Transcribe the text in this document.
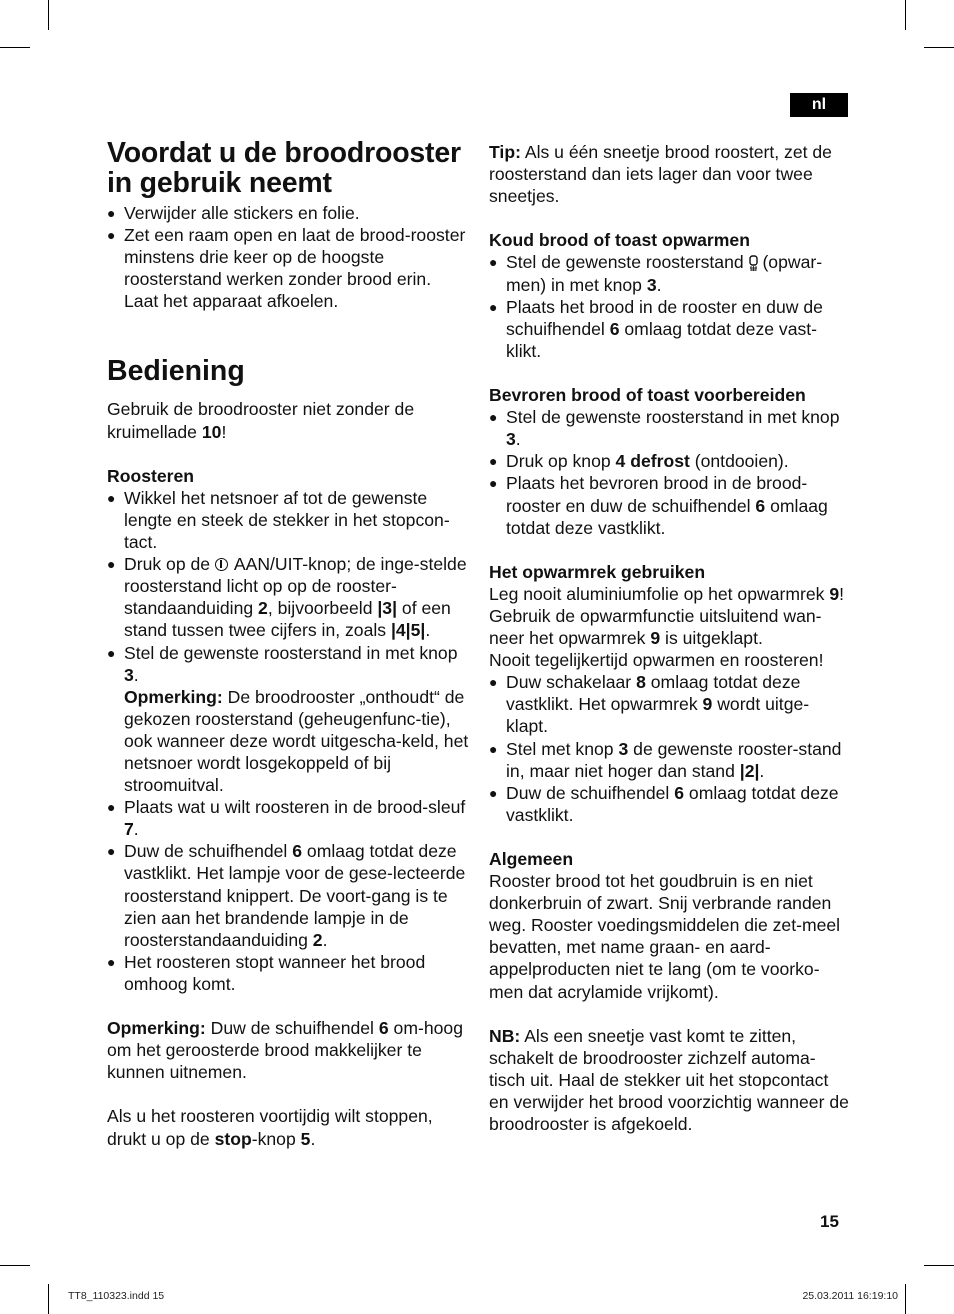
nl
Voordat u de broodrooster in gebruik neemt
● Verwijder alle stickers en folie.
● Zet een raam open en laat de brood-rooster minstens drie keer op de hoogste roosterstand werken zonder brood erin. Laat het apparaat afkoelen.
Bediening

Gebruik de broodrooster niet zonder de kruimellade 10!

Roosteren

● Wikkel het netsnoer af tot de gewenste lengte en steek de stekker in het stopcon-tact.
● Druk op de  AAN/UIT-knop; de inge-stelde roosterstand licht op op de rooster-standaanduiding 2, bijvoorbeeld |3| of een stand tussen twee cijfers in, zoals |4|5|.
● Stel de gewenste roosterstand in met knop 3.
Opmerking: De broodrooster „onthoudt“ de gekozen roosterstand (geheugenfunc-tie), ook wanneer deze wordt uitgescha-keld, het netsnoer wordt losgekoppeld of bij stroomuitval.
● Plaats wat u wilt roosteren in de brood-sleuf 7.
● Duw de schuifhendel 6 omlaag totdat deze vastklikt. Het lampje voor de gese-lecteerde roosterstand knippert. De voort-gang is te zien aan het brandende lampje in de roosterstandaanduiding 2.
● Het roosteren stopt wanneer het brood omhoog komt.

Opmerking: Duw de schuifhendel 6 om-hoog om het geroosterde brood makkelijker te kunnen uitnemen.

Als u het roosteren voortijdig wilt stoppen, drukt u op de stop-knop 5.

Tip: Als u één sneetje brood roostert, zet de roosterstand dan iets lager dan voor twee sneetjes.

Koud brood of toast opwarmen

● Stel de gewenste roosterstand  (opwar-men) in met knop 3.
● Plaats het brood in de rooster en duw de schuifhendel 6 omlaag totdat deze vast-klikt.

Bevroren brood of toast voorbereiden

● Stel de gewenste roosterstand in met knop 3.
● Druk op knop 4 defrost (ontdooien).
● Plaats het bevroren brood in de brood-rooster en duw de schuifhendel 6 omlaag totdat deze vastklikt.

Het opwarmrek gebruiken

Leg nooit aluminiumfolie op het opwarmrek 9!

Gebruik de opwarmfunctie uitsluitend wan-neer het opwarmrek 9 is uitgeklapt.

Nooit tegelijkertijd opwarmen en roosteren!

● Duw schakelaar 8 omlaag totdat deze vastklikt. Het opwarmrek 9 wordt uitge-klapt.
● Stel met knop 3 de gewenste rooster-stand in, maar niet hoger dan stand |2|.
● Duw de schuifhendel 6 omlaag totdat deze vastklikt.

Algemeen

Rooster brood tot het goudbruin is en niet donkerbruin of zwart. Snij verbrande randen weg. Rooster voedingsmiddelen die zet-meel bevatten, met name graan- en aard-appelproducten niet te lang (om te voorko-men dat acrylamide vrijkomt).

NB: Als een sneetje vast komt te zitten, schakelt de broodrooster zichzelf automa-tisch uit. Haal de stekker uit het stopcontact en verwijder het brood voorzichtig wanneer de broodrooster is afgekoeld.

15
TT8_110323.indd 15	25.03.2011 16:19:10
